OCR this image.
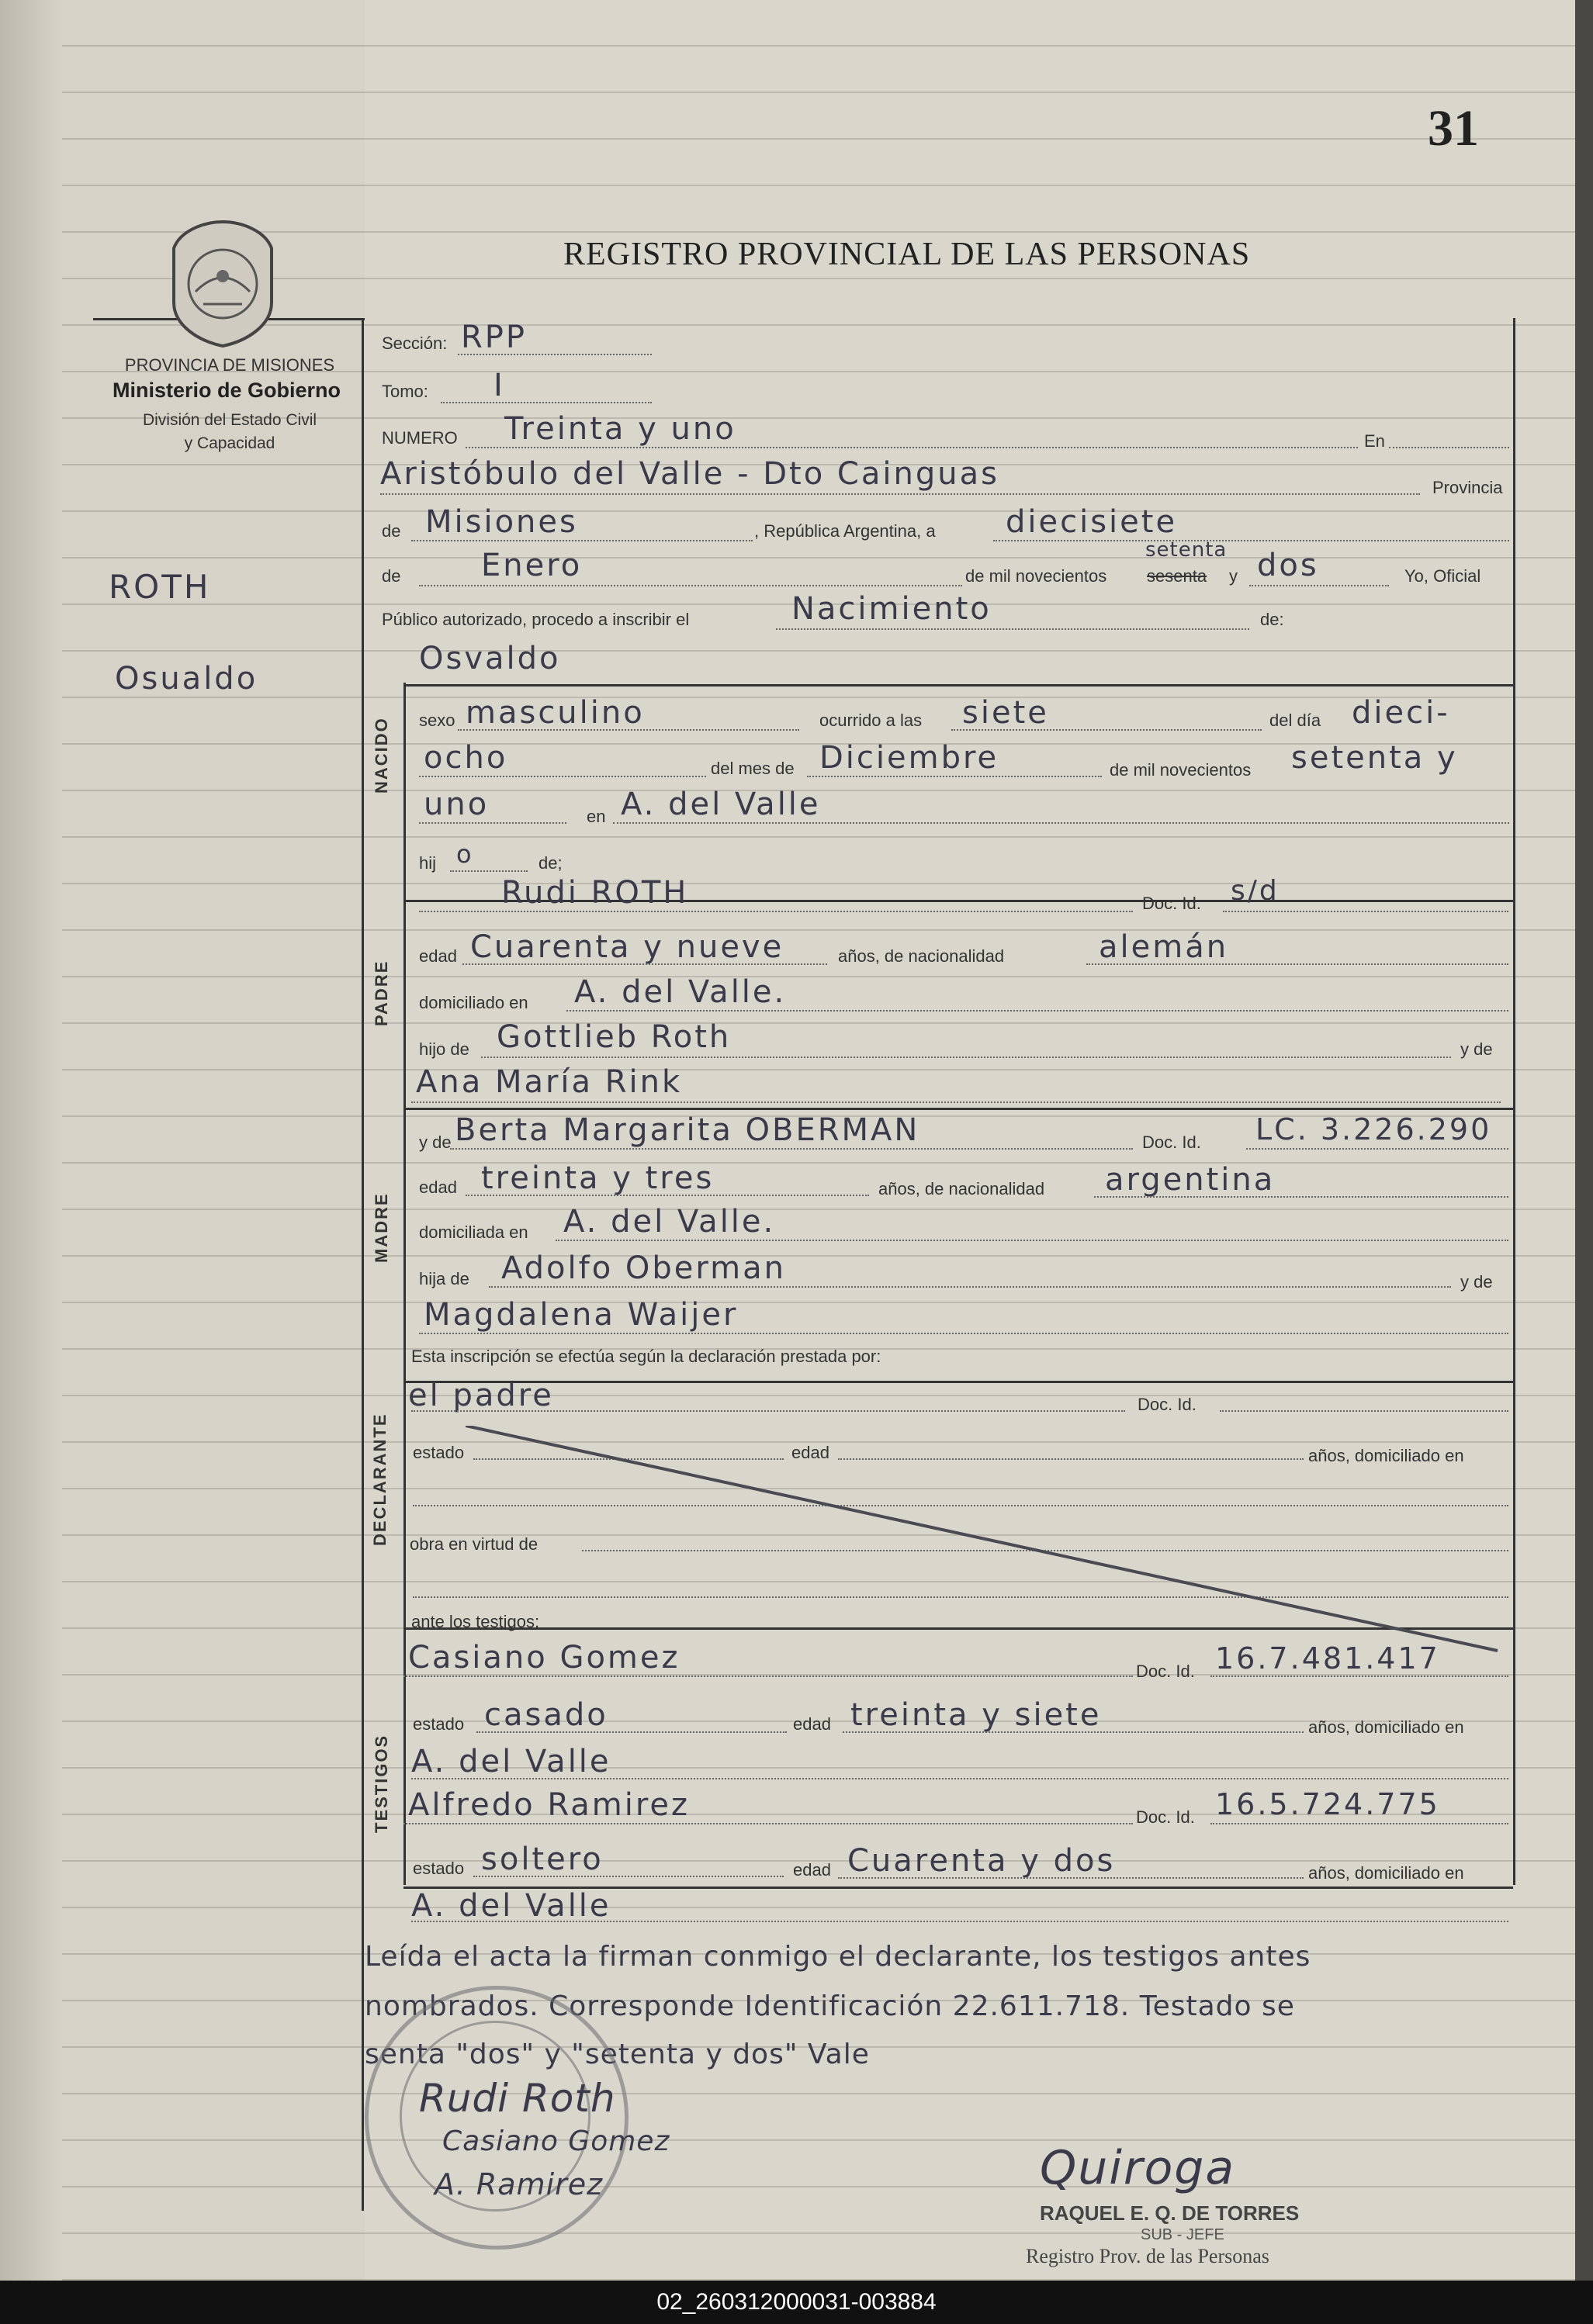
31
REGISTRO PROVINCIAL DE LAS PERSONAS
PROVINCIA DE MISIONES
Ministerio de Gobierno
División del Estado Civil
y Capacidad
ROTH
Osualdo
Sección: RPP
Tomo: I
NUMERO Treinta y uno	En
Aristóbulo del Valle - Dto Cainguas	Provincia
de Misiones	, República Argentina, a diecisiete
de	Enero	de mil novecientos
setenta
sesenta y dos	Yo, Oficial
Público autorizado, procedo a inscribir el	Nacimiento	de:
NACIDO
Osvaldo
sexo masculino	ocurrido a las siete	del día dieci-
ocho	del mes de Diciembre	de mil novecientos setenta y
uno	en A. del Valle
hij o	de;
PADRE
Rudi ROTH	Doc. Id. s/d
edad Cuarenta y nueve	años, de nacionalidad	alemán
domiciliado en A. del Valle.
hijo de Gottlieb Roth	y de
Ana María Rink
MADRE
y de Berta Margarita OBERMAN	Doc. Id. LC. 3.226.290
edad treinta y tres	años, de nacionalidad argentina
domiciliada en A. del Valle.
hija de Adolfo Oberman	y de
Magdalena Waijer
Esta inscripción se efectúa según la declaración prestada por:
DECLARANTE
el padre	Doc. Id.
estado	edad	años, domiciliado en
obra en virtud de
ante los testigos:
TESTIGOS
Casiano Gomez	Doc. Id. 16.7.481.417
estado casado	edad treinta y siete	años, domiciliado en
A. del Valle
Alfredo Ramirez	Doc. Id. 16.5.724.775
estado soltero	edad Cuarenta y dos	años, domiciliado en
A. del Valle
Leída el acta la firman conmigo el declarante, los testigos antes
nombrados. Corresponde Identificación 22.611.718. Testado se
senta "dos" y "setenta y dos" Vale
Rudi Roth
Casiano Gomez
A. Ramirez	Quiroga
RAQUEL E. Q. DE TORRES
SUB - JEFE
Registro Prov. de las Personas
02_260312000031-003884
